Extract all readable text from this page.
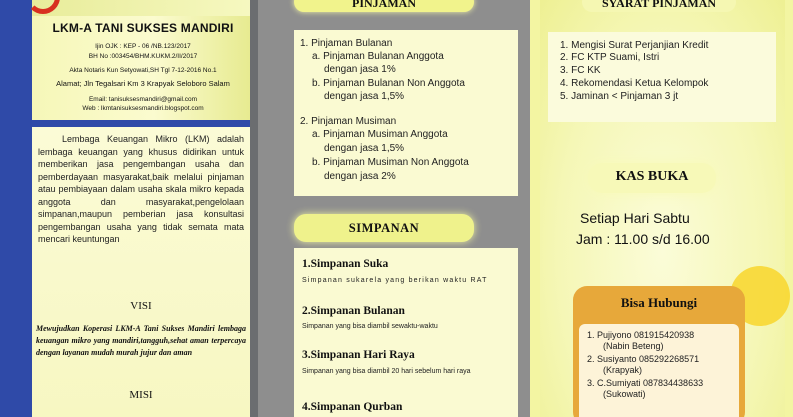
LKM-A TANI SUKSES MANDIRI
Ijin OJK : KEP - 06 /NB.123/2017
BH No :003454/BHM.KUKM.2/II/2017
Akta Notaris Kun Setyowati,SH Tgl 7-12-2016 No.1
Alamat; Jln Tegalsari Km 3 Krapyak Seloboro Salam
Email: tanisuksesmandiri@gmail.com
Web : lkmtanisuksesmandiri.blogspot.com
Lembaga Keuangan Mikro (LKM) adalah lembaga keuangan yang khusus didirikan untuk memberikan jasa pengembangan usaha dan pemberdayaan masyarakat,baik melalui pinjaman atau pembiayaan dalam usaha skala mikro kepada anggota dan masyarakat,pengelolaan simpanan,maupun pemberian jasa konsultasi pengembangan usaha yang tidak semata mata mencari keuntungan
VISI
Mewujudkan Koperasi LKM-A Tani Sukses Mandiri lembaga keuangan mikro yang mandiri,tangguh,sehat aman terpercaya dengan layanan mudah murah jujur dan aman
MISI
PINJAMAN
1. Pinjaman Bulanan
a. Pinjaman Bulanan Anggota
dengan jasa 1%
b. Pinjaman Bulanan Non Anggota
dengan jasa 1,5%
2. Pinjaman Musiman
a. Pinjaman Musiman Anggota
dengan jasa 1,5%
b. Pinjaman Musiman Non Anggota
dengan jasa 2%
SIMPANAN
1.Simpanan Suka
Simpanan sukarela yang berikan waktu RAT
2.Simpanan Bulanan
Simpanan yang bisa diambil sewaktu-waktu
3.Simpanan Hari Raya
Simpanan yang bisa diambil 20 hari sebelum hari raya
4.Simpanan Qurban
SYARAT PINJAMAN
1. Mengisi Surat Perjanjian Kredit
2. FC KTP Suami, Istri
3. FC KK
4. Rekomendasi Ketua Kelompok
5. Jaminan < Pinjaman 3 jt
KAS BUKA
Setiap Hari Sabtu
Jam : 11.00 s/d 16.00
Bisa Hubungi
1. Pujiyono 081915420938
(Nabin Beteng)
2. Susiyanto 085292268571
(Krapyak)
3. C.Sumiyati 087834438633
(Sukowati)
